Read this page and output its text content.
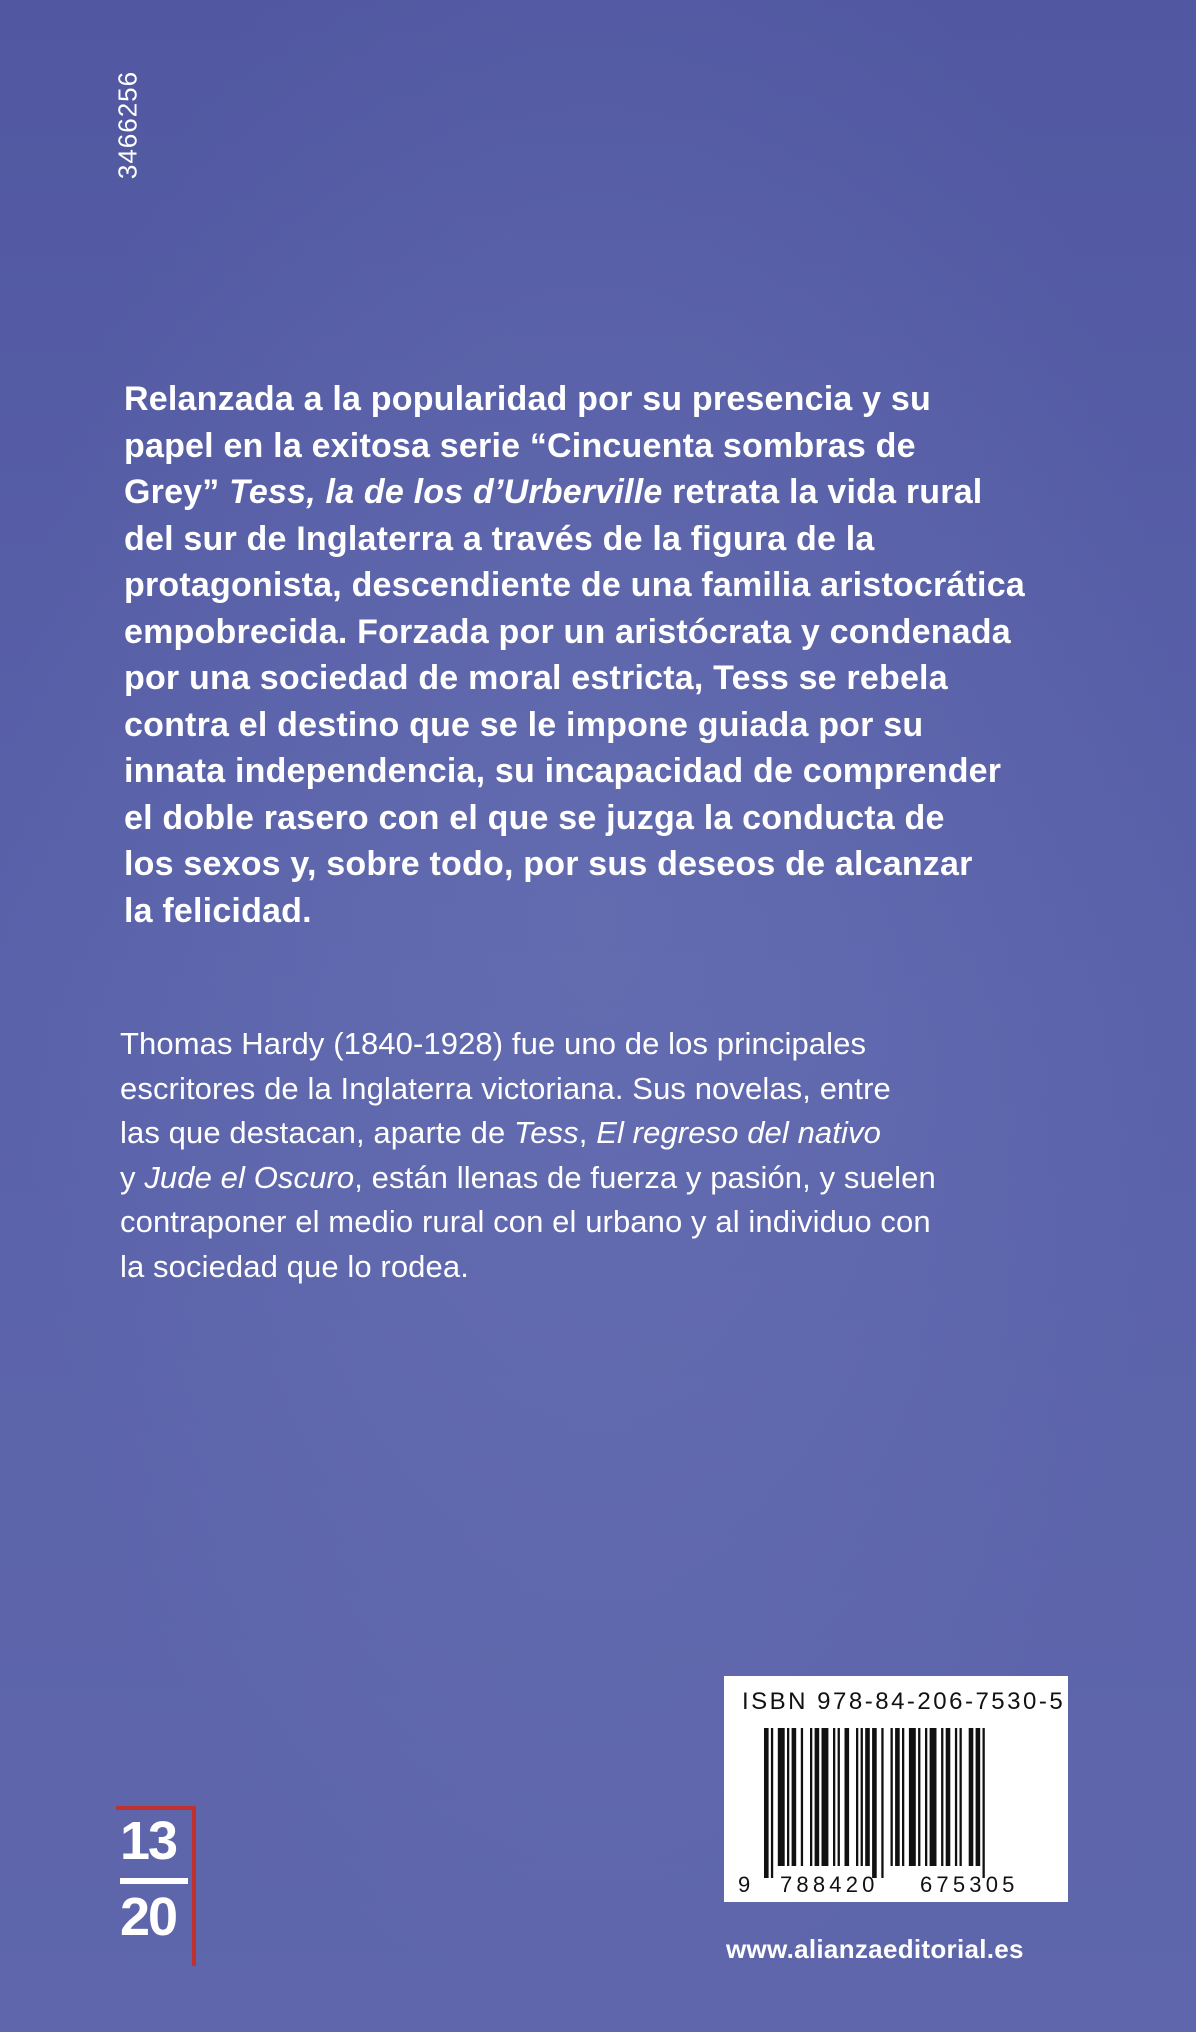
3466256
Relanzada a la popularidad por su presencia y su
papel en la exitosa serie “Cincuenta sombras de
Grey” Tess, la de los d’Urberville retrata la vida rural
del sur de Inglaterra a través de la figura de la
protagonista, descendiente de una familia aristocrática
empobrecida. Forzada por un aristócrata y condenada
por una sociedad de moral estricta, Tess se rebela
contra el destino que se le impone guiada por su
innata independencia, su incapacidad de comprender
el doble rasero con el que se juzga la conducta de
los sexos y, sobre todo, por sus deseos de alcanzar
la felicidad.
Thomas Hardy (1840-1928) fue uno de los principales
escritores de la Inglaterra victoriana. Sus novelas, entre
las que destacan, aparte de Tess, El regreso del nativo
y Jude el Oscuro, están llenas de fuerza y pasión, y suelen
contraponer el medio rural con el urbano y al individuo con
la sociedad que lo rodea.
ISBN 978-84-206-7530-5
9 788420 675305
13
20
www.alianzaeditorial.es
